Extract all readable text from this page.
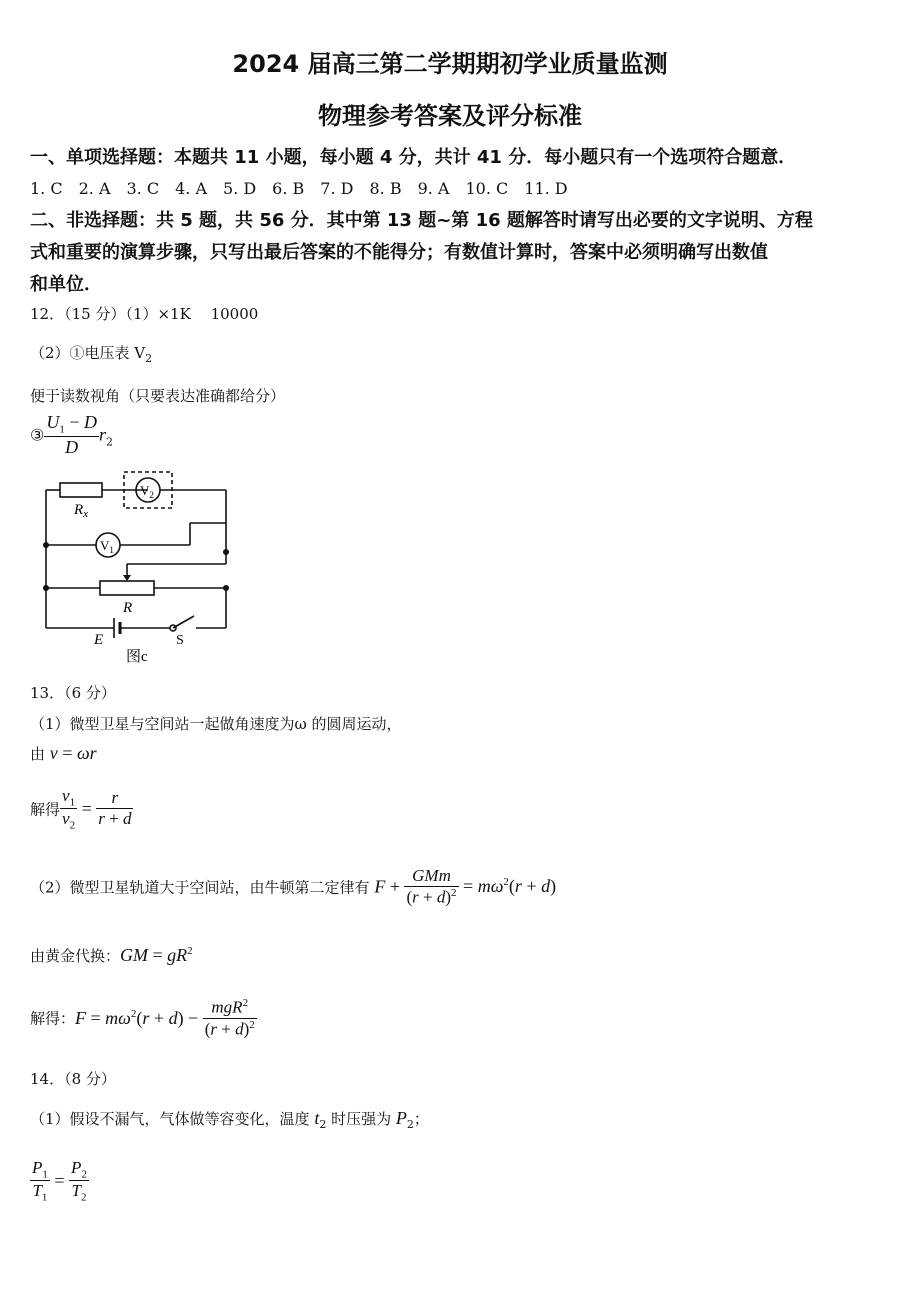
2024 届高三第二学期期初学业质量监测
物理参考答案及评分标准
一、单项选择题：本题共 11 小题，每小题 4 分，共计 41 分．每小题只有一个选项符合题意．
1. C　2. A　3. C　4. A　5. D　6. B　7. D　8. B　9. A　10. C　11. D
二、非选择题：共 5 题，共 56 分．其中第 13 题~第 16 题解答时请写出必要的文字说明、方程
式和重要的演算步骤，只写出最后答案的不能得分；有数值计算时，答案中必须明确写出数值
和单位．
12．（15 分）（1）×1K　 10000
（2）①电压表 $V_2$
便于读数视角（只要表达准确都给分）
③ $\frac{U_1 - D}{D} r_2$
$R_x$
$V_2$
$V_1$
R
E	S
图c
13．（6 分）
（1）微型卫星与空间站一起做角速度为ω 的圆周运动，
由 v = ωr
解得 $\frac{v_1}{v_2} = \frac{r}{r + d}$
（2）微型卫星轨道大于空间站，由牛顿第二定律有 $F + \frac{\text{GMm}}{(r + d)^2} = m\omega^2(r + d)$
由黄金代换：GM = $gR^2$
解得：$F = m\omega^2(r + d) - \frac{mgR^2}{(r + d)^2}$
14．（8 分）
（1）假设不漏气，气体做等容变化，温度 $t_2$ 时压强为 $P_2$；
$\frac{P_1}{T_1} = \frac{P_2}{T_2}$
